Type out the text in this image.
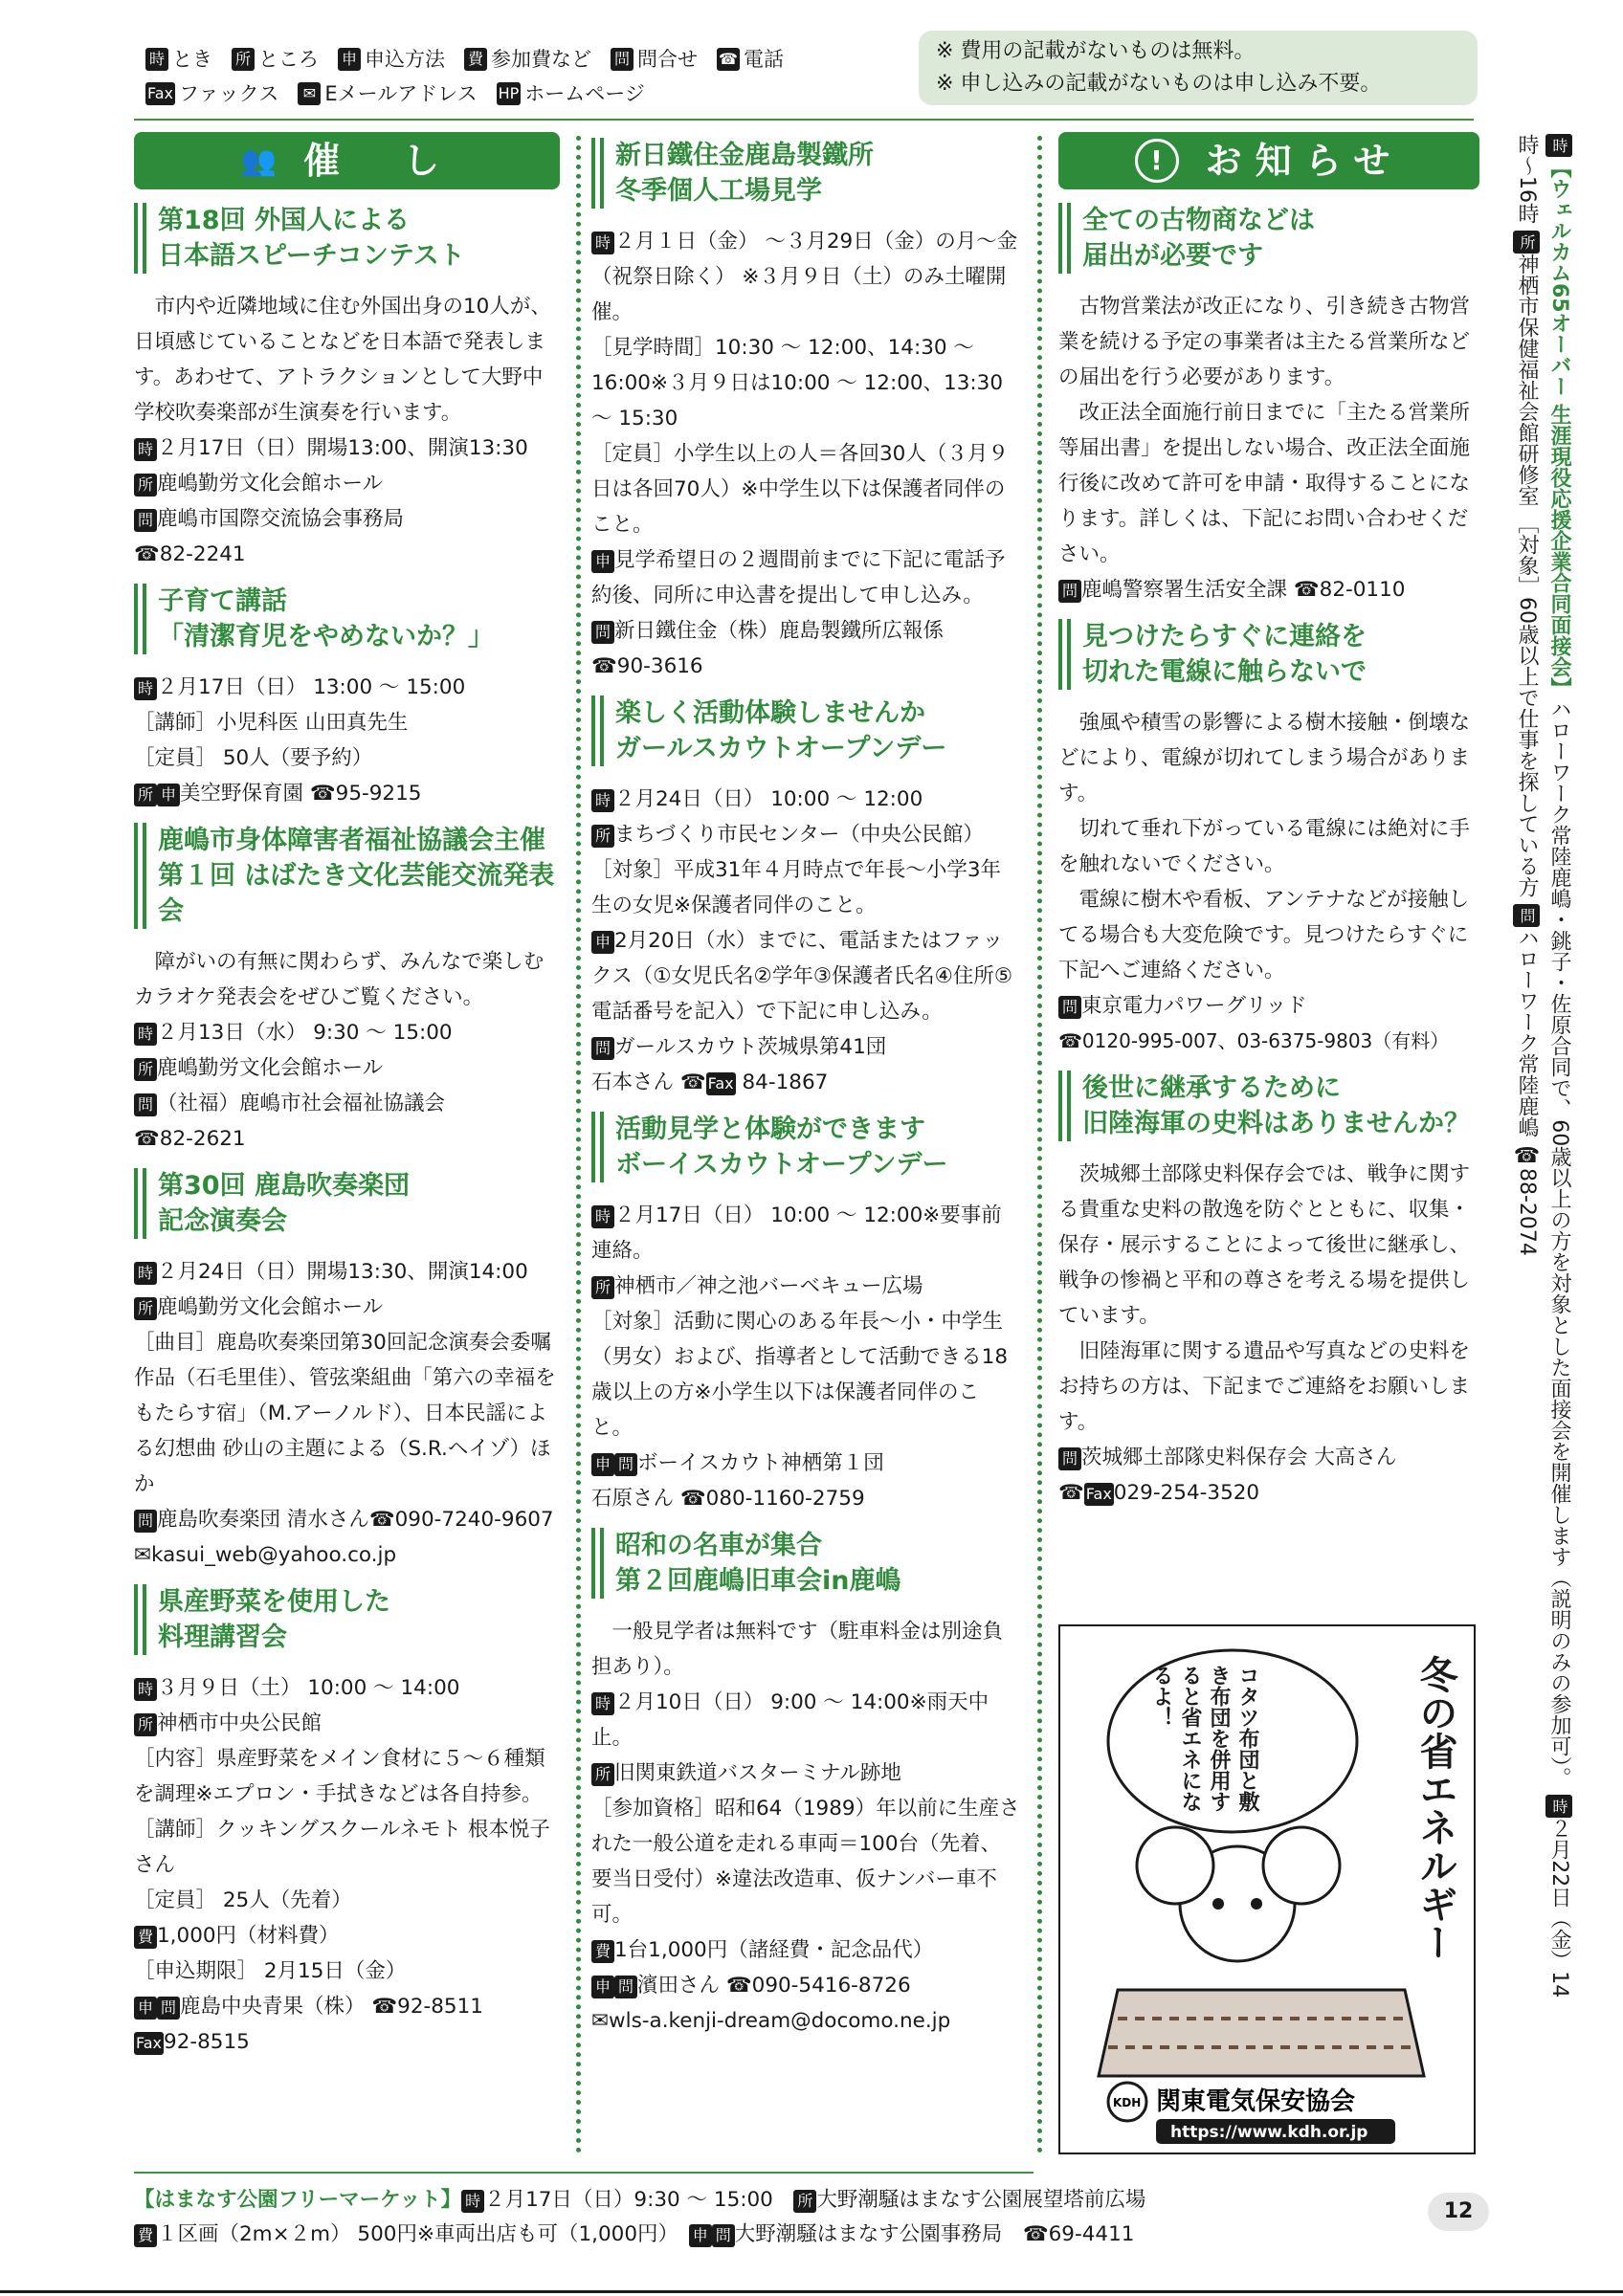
時 とき 所 ところ 申 申込方法 費 参加費など 問 問合せ ☎ 電話
Fax ファックス	✉ Eメールアドレス HP ホームページ
※ 費用の記載がないものは無料。
※ 申し込みの記載がないものは申し込み不要。
👥 催　し
第18回 外国人による
日本語スピーチコンテスト

市内や近隣地域に住む外国出身の10人が、日頃感じていることなどを日本語で発表します。あわせて、アトラクションとして大野中学校吹奏楽部が生演奏を行います。

時 ２月17日（日）開場13:00、開演13:30

所 鹿嶋勤労文化会館ホール

問 鹿嶋市国際交流協会事務局

☎82-2241

子育て講話
「清潔育児をやめないか？」

時 ２月17日（日） 13:00 ～ 15:00

［講師］小児科医 山田真先生

［定員］ 50人（要予約）

所 申 美空野保育園 ☎95-9215

鹿嶋市身体障害者福祉協議会主催
第１回 はばたき文化芸能交流発表会

障がいの有無に関わらず、みんなで楽しむカラオケ発表会をぜひご覧ください。

時 ２月13日（水） 9:30 ～ 15:00

所 鹿嶋勤労文化会館ホール

問 （社福）鹿嶋市社会福祉協議会

☎82-2621

第30回 鹿島吹奏楽団
記念演奏会

時 ２月24日（日）開場13:30、開演14:00

所 鹿嶋勤労文化会館ホール

［曲目］鹿島吹奏楽団第30回記念演奏会委嘱作品（石毛里佳）、管弦楽組曲「第六の幸福をもたらす宿」（M.アーノルド）、日本民謡による幻想曲 砂山の主題による（S.R.ヘイゾ）ほか

問 鹿島吹奏楽団 清水さん☎090-7240-9607 ✉kasui_web@yahoo.co.jp

県産野菜を使用した
料理講習会

時 ３月９日（土） 10:00 ～ 14:00

所 神栖市中央公民館

［内容］県産野菜をメイン食材に５～６種類を調理※エプロン・手拭きなどは各自持参。

［講師］クッキングスクールネモト 根本悦子さん

［定員］ 25人（先着）

費 1,000円（材料費）

［申込期限］ 2月15日（金）

申 問 鹿島中央青果（株） ☎92-8511

Fax92-8515

新日鐵住金鹿島製鐵所
冬季個人工場見学

時 ２月１日（金） ～３月29日（金）の月～金（祝祭日除く） ※３月９日（土）のみ土曜開催。

［見学時間］10:30 ～ 12:00、14:30 ～ 16:00※３月９日は10:00 ～ 12:00、13:30 ～ 15:30

［定員］小学生以上の人＝各回30人（３月９日は各回70人）※中学生以下は保護者同伴のこと。

申 見学希望日の２週間前までに下記に電話予約後、同所に申込書を提出して申し込み。

問 新日鐵住金（株）鹿島製鐵所広報係

☎90-3616

楽しく活動体験しませんか
ガールスカウトオープンデー

時 ２月24日（日） 10:00 ～ 12:00

所 まちづくり市民センター（中央公民館）

［対象］平成31年４月時点で年長～小学3年生の女児※保護者同伴のこと。

申 2月20日（水）までに、電話またはファックス（①女児氏名②学年③保護者氏名④住所⑤電話番号を記入）で下記に申し込み。

問 ガールスカウト茨城県第41団

石本さん ☎ Fax 84-1867

活動見学と体験ができます
ボーイスカウトオープンデー

時 ２月17日（日） 10:00 ～ 12:00※要事前連絡。

所 神栖市／神之池バーベキュー広場

［対象］活動に関心のある年長～小・中学生（男女）および、指導者として活動できる18歳以上の方※小学生以下は保護者同伴のこと。

申 問 ボーイスカウト神栖第１団

石原さん ☎080-1160-2759

昭和の名車が集合
第２回鹿嶋旧車会in鹿嶋

一般見学者は無料です（駐車料金は別途負担あり）。

時 ２月10日（日） 9:00 ～ 14:00※雨天中止。

所 旧関東鉄道バスターミナル跡地

［参加資格］昭和64（1989）年以前に生産された一般公道を走れる車両＝100台（先着、要当日受付）※違法改造車、仮ナンバー車不可。

費 1台1,000円（諸経費・記念品代）

申 問 濱田さん ☎090-5416-8726

✉wls-a.kenji-dream@docomo.ne.jp

!	お知らせ
全ての古物商などは
届出が必要です

古物営業法が改正になり、引き続き古物営業を続ける予定の事業者は主たる営業所などの届出を行う必要があります。

改正法全面施行前日までに「主たる営業所等届出書」を提出しない場合、改正法全面施行後に改めて許可を申請・取得することになります。詳しくは、下記にお問い合わせください。

問 鹿嶋警察署生活安全課 ☎82-0110

見つけたらすぐに連絡を
切れた電線に触らないで

強風や積雪の影響による樹木接触・倒壊などにより、電線が切れてしまう場合があります。

切れて垂れ下がっている電線には絶対に手を触れないでください。

電線に樹木や看板、アンテナなどが接触してる場合も大変危険です。見つけたらすぐに下記へご連絡ください。

問 東京電力パワーグリッド

☎0120-995-007、03-6375-9803（有料）

後世に継承するために
旧陸海軍の史料はありませんか？

茨城郷土部隊史料保存会では、戦争に関する貴重な史料の散逸を防ぐとともに、収集・保存・展示することによって後世に継承し、戦争の惨禍と平和の尊さを考える場を提供しています。

旧陸海軍に関する遺品や写真などの史料をお持ちの方は、下記までご連絡をお願いします。

問 茨城郷土部隊史料保存会 大高さん

☎ Fax029-254-3520

冬の省エネルギー
コタツ布団と敷き布団を併用すると省エネになるよ！
KDH 関東電気保安協会
https://www.kdh.or.jp
時【ウェルカム65オーバー 生涯現役応援企業合同面接会】ハローワーク常陸鹿嶋・銚子・佐原合同で、60歳以上の方を対象とした面接会を開催します（説明のみの参加可）。 時２月22日（金）14時～16時 所神栖市保健福祉会館研修室 ［対象］60歳以上で仕事を探している方 問ハローワーク常陸鹿嶋 ☎88-2074
【はまなす公園フリーマーケット】 時 ２月17日（日）9:30 ～ 15:00　 所 大野潮騒はまなす公園展望塔前広場
費 １区画（2m×２m） 500円※車両出店も可（1,000円）　 申 問 大野潮騒はまなす公園事務局　 ☎69-4411
12
